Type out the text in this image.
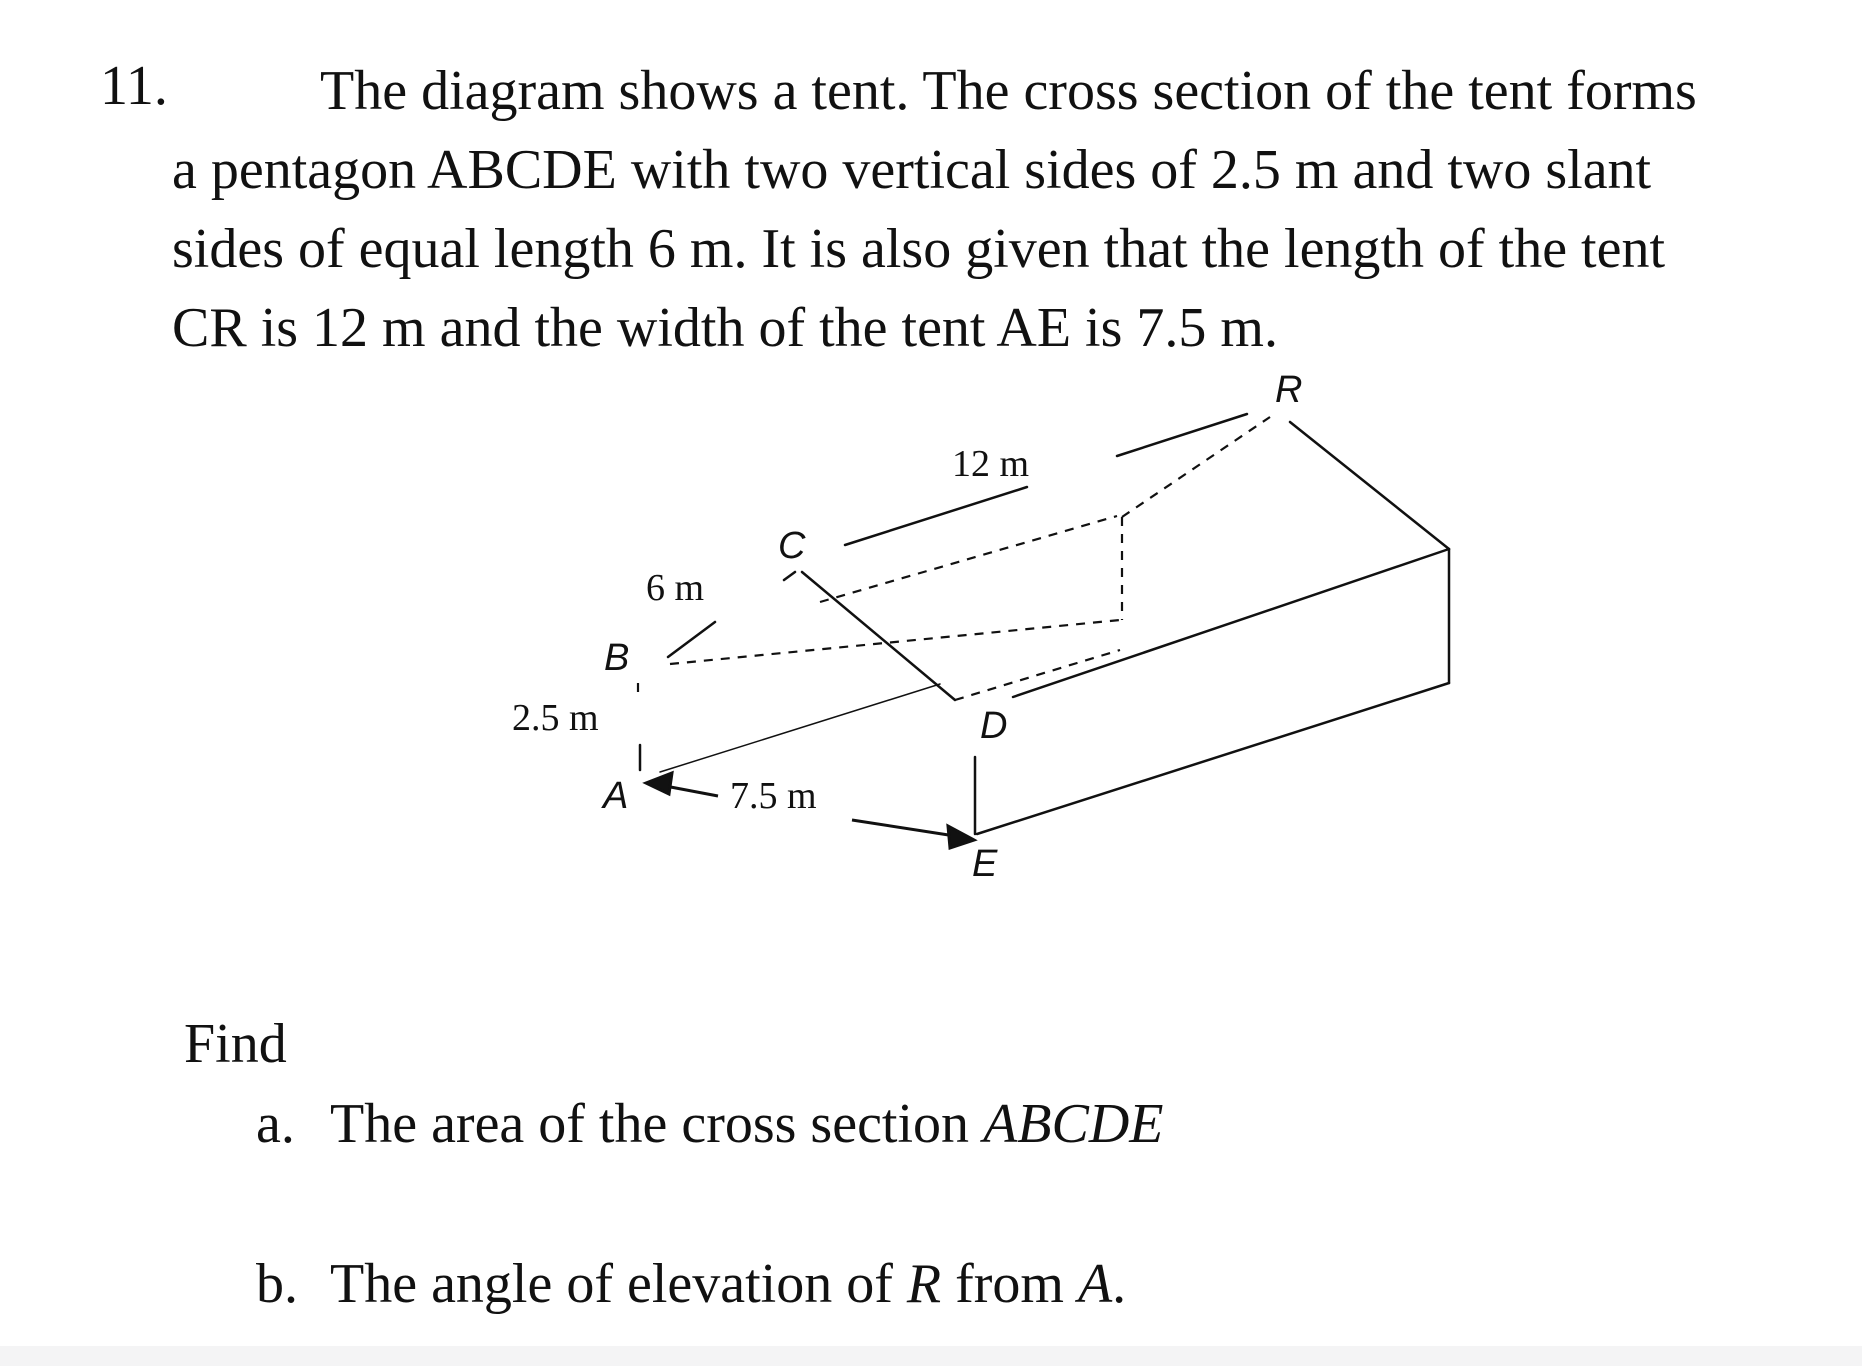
11.	The diagram shows a tent. The cross section of the tent forms
a pentagon ABCDE with two vertical sides of 2.5 m and two slant
sides of equal length 6 m. It is also given that the length of the tent
CR is 12 m and the width of the tent AE is 7.5 m.
R
C
B
D
A
E
12 m
6 m
2.5 m
7.5 m
Find
a. The area of the cross section ABCDE
b. The angle of elevation of R from A.
